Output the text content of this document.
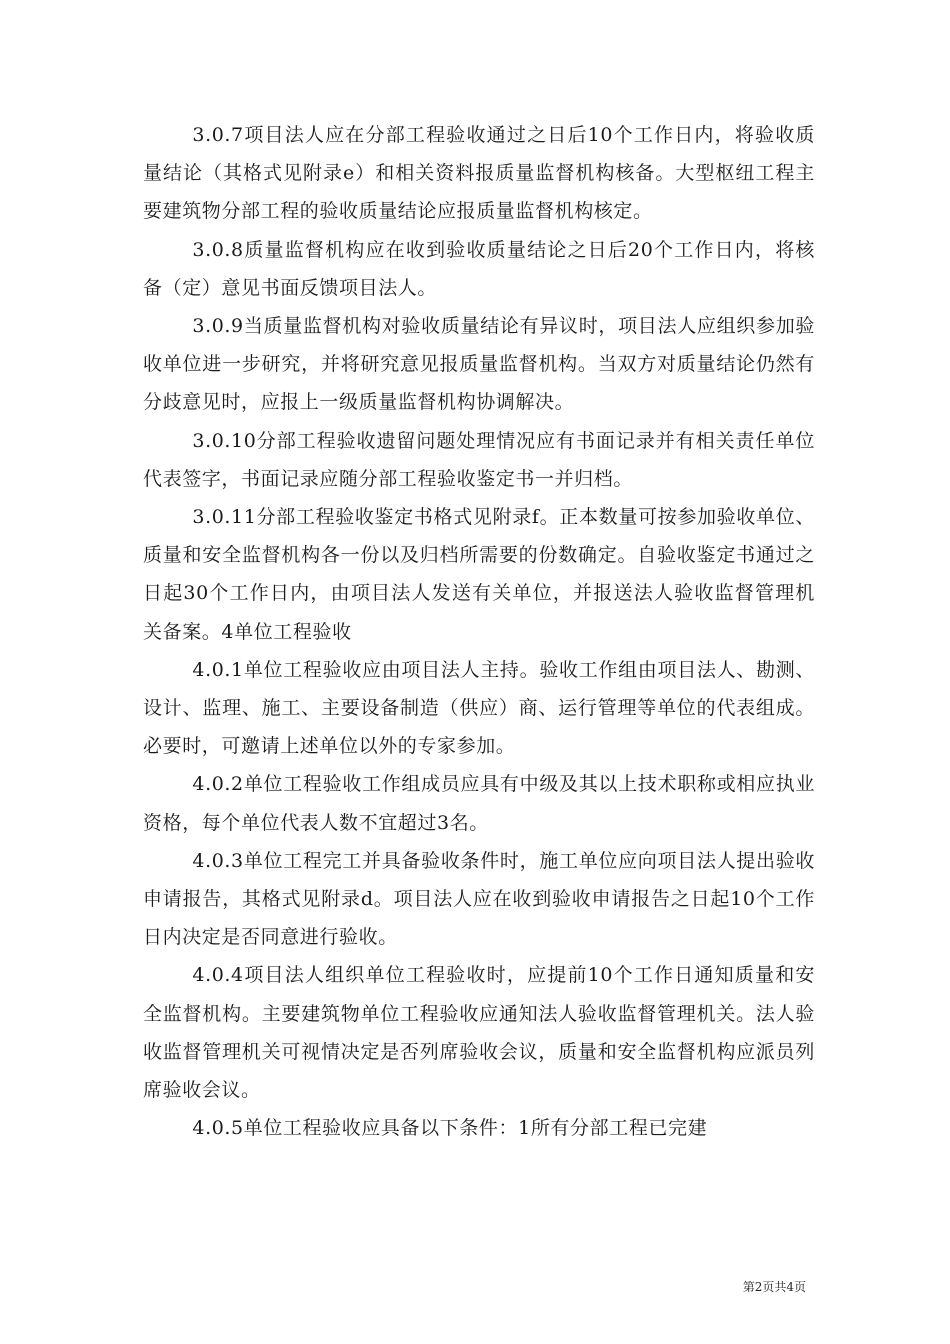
3.0.7项目法人应在分部工程验收通过之日后10个工作日内，将验收质量结论（其格式见附录e）和相关资料报质量监督机构核备。大型枢纽工程主要建筑物分部工程的验收质量结论应报质量监督机构核定。

3.0.8质量监督机构应在收到验收质量结论之日后20个工作日内，将核备（定）意见书面反馈项目法人。

3.0.9当质量监督机构对验收质量结论有异议时，项目法人应组织参加验收单位进一步研究，并将研究意见报质量监督机构。当双方对质量结论仍然有分歧意见时，应报上一级质量监督机构协调解决。

3.0.10分部工程验收遗留问题处理情况应有书面记录并有相关责任单位代表签字，书面记录应随分部工程验收鉴定书一并归档。

3.0.11分部工程验收鉴定书格式见附录f。正本数量可按参加验收单位、质量和安全监督机构各一份以及归档所需要的份数确定。自验收鉴定书通过之日起30个工作日内，由项目法人发送有关单位，并报送法人验收监督管理机关备案。4单位工程验收

4.0.1单位工程验收应由项目法人主持。验收工作组由项目法人、勘测、设计、监理、施工、主要设备制造（供应）商、运行管理等单位的代表组成。必要时，可邀请上述单位以外的专家参加。

4.0.2单位工程验收工作组成员应具有中级及其以上技术职称或相应执业资格，每个单位代表人数不宜超过3名。

4.0.3单位工程完工并具备验收条件时，施工单位应向项目法人提出验收申请报告，其格式见附录d。项目法人应在收到验收申请报告之日起10个工作日内决定是否同意进行验收。

4.0.4项目法人组织单位工程验收时，应提前10个工作日通知质量和安全监督机构。主要建筑物单位工程验收应通知法人验收监督管理机关。法人验收监督管理机关可视情决定是否列席验收会议，质量和安全监督机构应派员列席验收会议。

4.0.5单位工程验收应具备以下条件：1所有分部工程已完建

第2页共4页
